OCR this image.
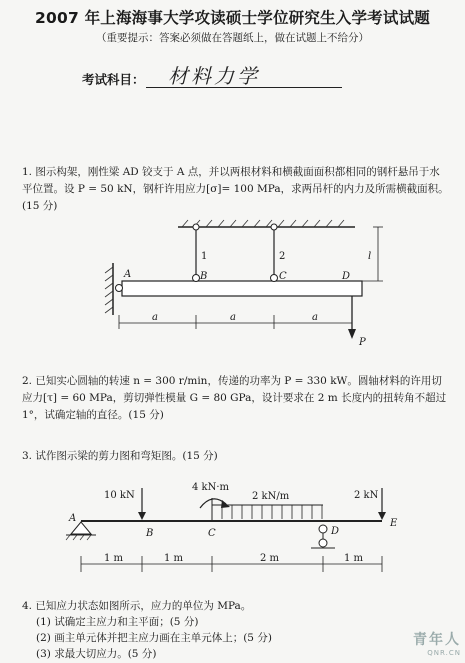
2007 年上海海事大学攻读硕士学位研究生入学考试试题
（重要提示：答案必须做在答题纸上，做在试题上不给分）
考试科目： 材料力学
1. 图示构架，刚性梁 AD 铰支于 A 点，并以两根材料和横截面面积都相同的钢杆悬吊于水平位置。设 P = 50 kN，钢杆许用应力[σ]= 100 MPa，求两吊杆的内力及所需横截面积。(15 分)
A	B	C	D
1	2	l
a	a	a
P
2. 已知实心圆轴的转速 n = 300 r/min，传递的功率为 P = 330 kW。圆轴材料的许用切应力[τ] = 60 MPa，剪切弹性模量 G = 80 GPa，设计要求在 2 m 长度内的扭转角不超过 1°，试确定轴的直径。(15 分)
3. 试作图示梁的剪力图和弯矩图。(15 分)
10 kN
4 kN·m
2 kN/m	2 kN
A
B	C	D
E
1 m	1 m	2 m	1 m
4. 已知应力状态如图所示，应力的单位为 MPa。
(1) 试确定主应力和主平面；(5 分)
(2) 画主单元体并把主应力画在主单元体上；(5 分)
(3) 求最大切应力。(5 分)
青年人
QNR.CN
